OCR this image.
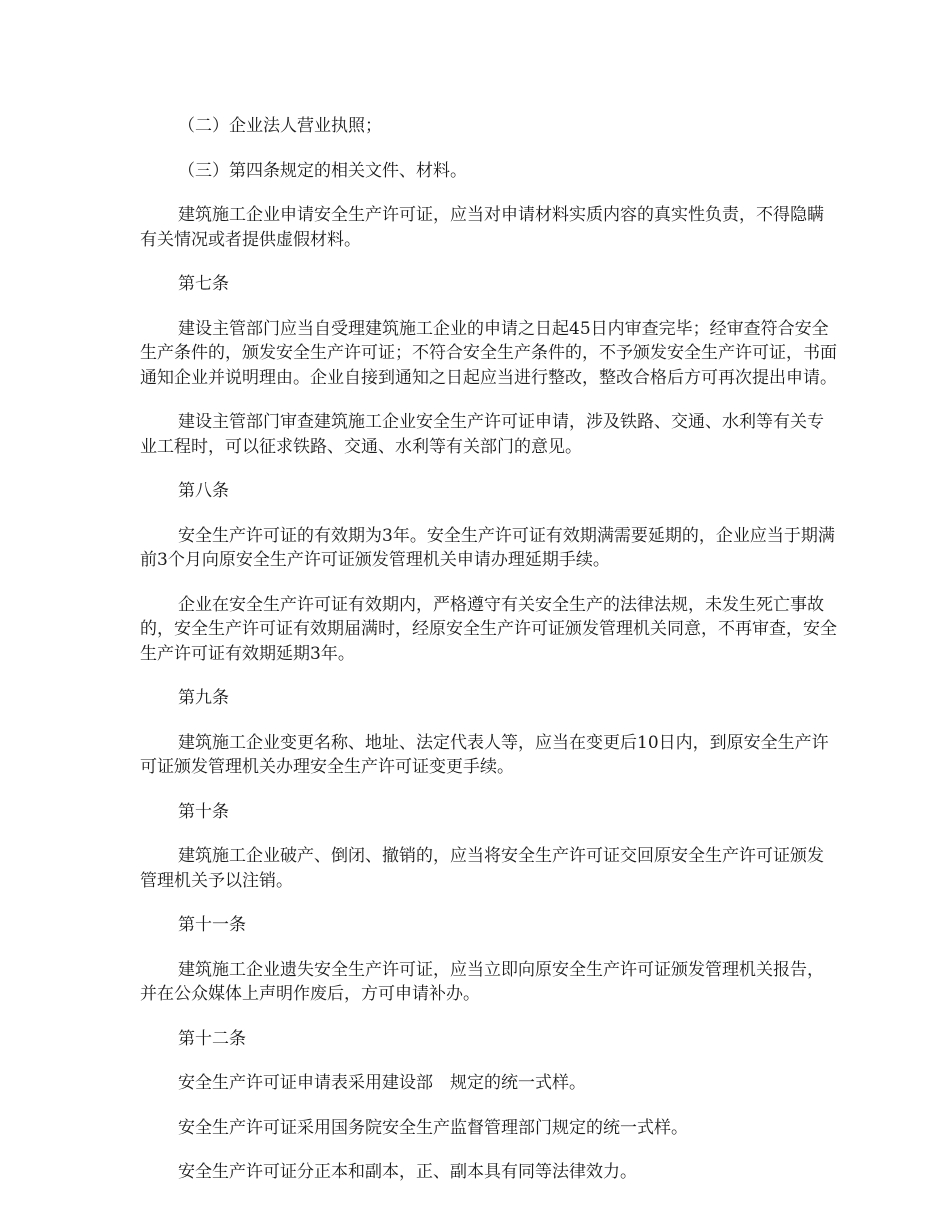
（二）企业法人营业执照；

（三）第四条规定的相关文件、材料。

建筑施工企业申请安全生产许可证，应当对申请材料实质内容的真实性负责，不得隐瞒有关情况或者提供虚假材料。

第七条

建设主管部门应当自受理建筑施工企业的申请之日起45日内审查完毕；经审查符合安全生产条件的，颁发安全生产许可证；不符合安全生产条件的，不予颁发安全生产许可证，书面通知企业并说明理由。企业自接到通知之日起应当进行整改，整改合格后方可再次提出申请。

建设主管部门审查建筑施工企业安全生产许可证申请，涉及铁路、交通、水利等有关专业工程时，可以征求铁路、交通、水利等有关部门的意见。

第八条

安全生产许可证的有效期为3年。安全生产许可证有效期满需要延期的，企业应当于期满前3个月向原安全生产许可证颁发管理机关申请办理延期手续。

企业在安全生产许可证有效期内，严格遵守有关安全生产的法律法规，未发生死亡事故的，安全生产许可证有效期届满时，经原安全生产许可证颁发管理机关同意，不再审查，安全生产许可证有效期延期3年。

第九条

建筑施工企业变更名称、地址、法定代表人等，应当在变更后10日内，到原安全生产许可证颁发管理机关办理安全生产许可证变更手续。

第十条

建筑施工企业破产、倒闭、撤销的，应当将安全生产许可证交回原安全生产许可证颁发管理机关予以注销。

第十一条

建筑施工企业遗失安全生产许可证，应当立即向原安全生产许可证颁发管理机关报告，并在公众媒体上声明作废后，方可申请补办。

第十二条

安全生产许可证申请表采用建设部　规定的统一式样。

安全生产许可证采用国务院安全生产监督管理部门规定的统一式样。

安全生产许可证分正本和副本，正、副本具有同等法律效力。
